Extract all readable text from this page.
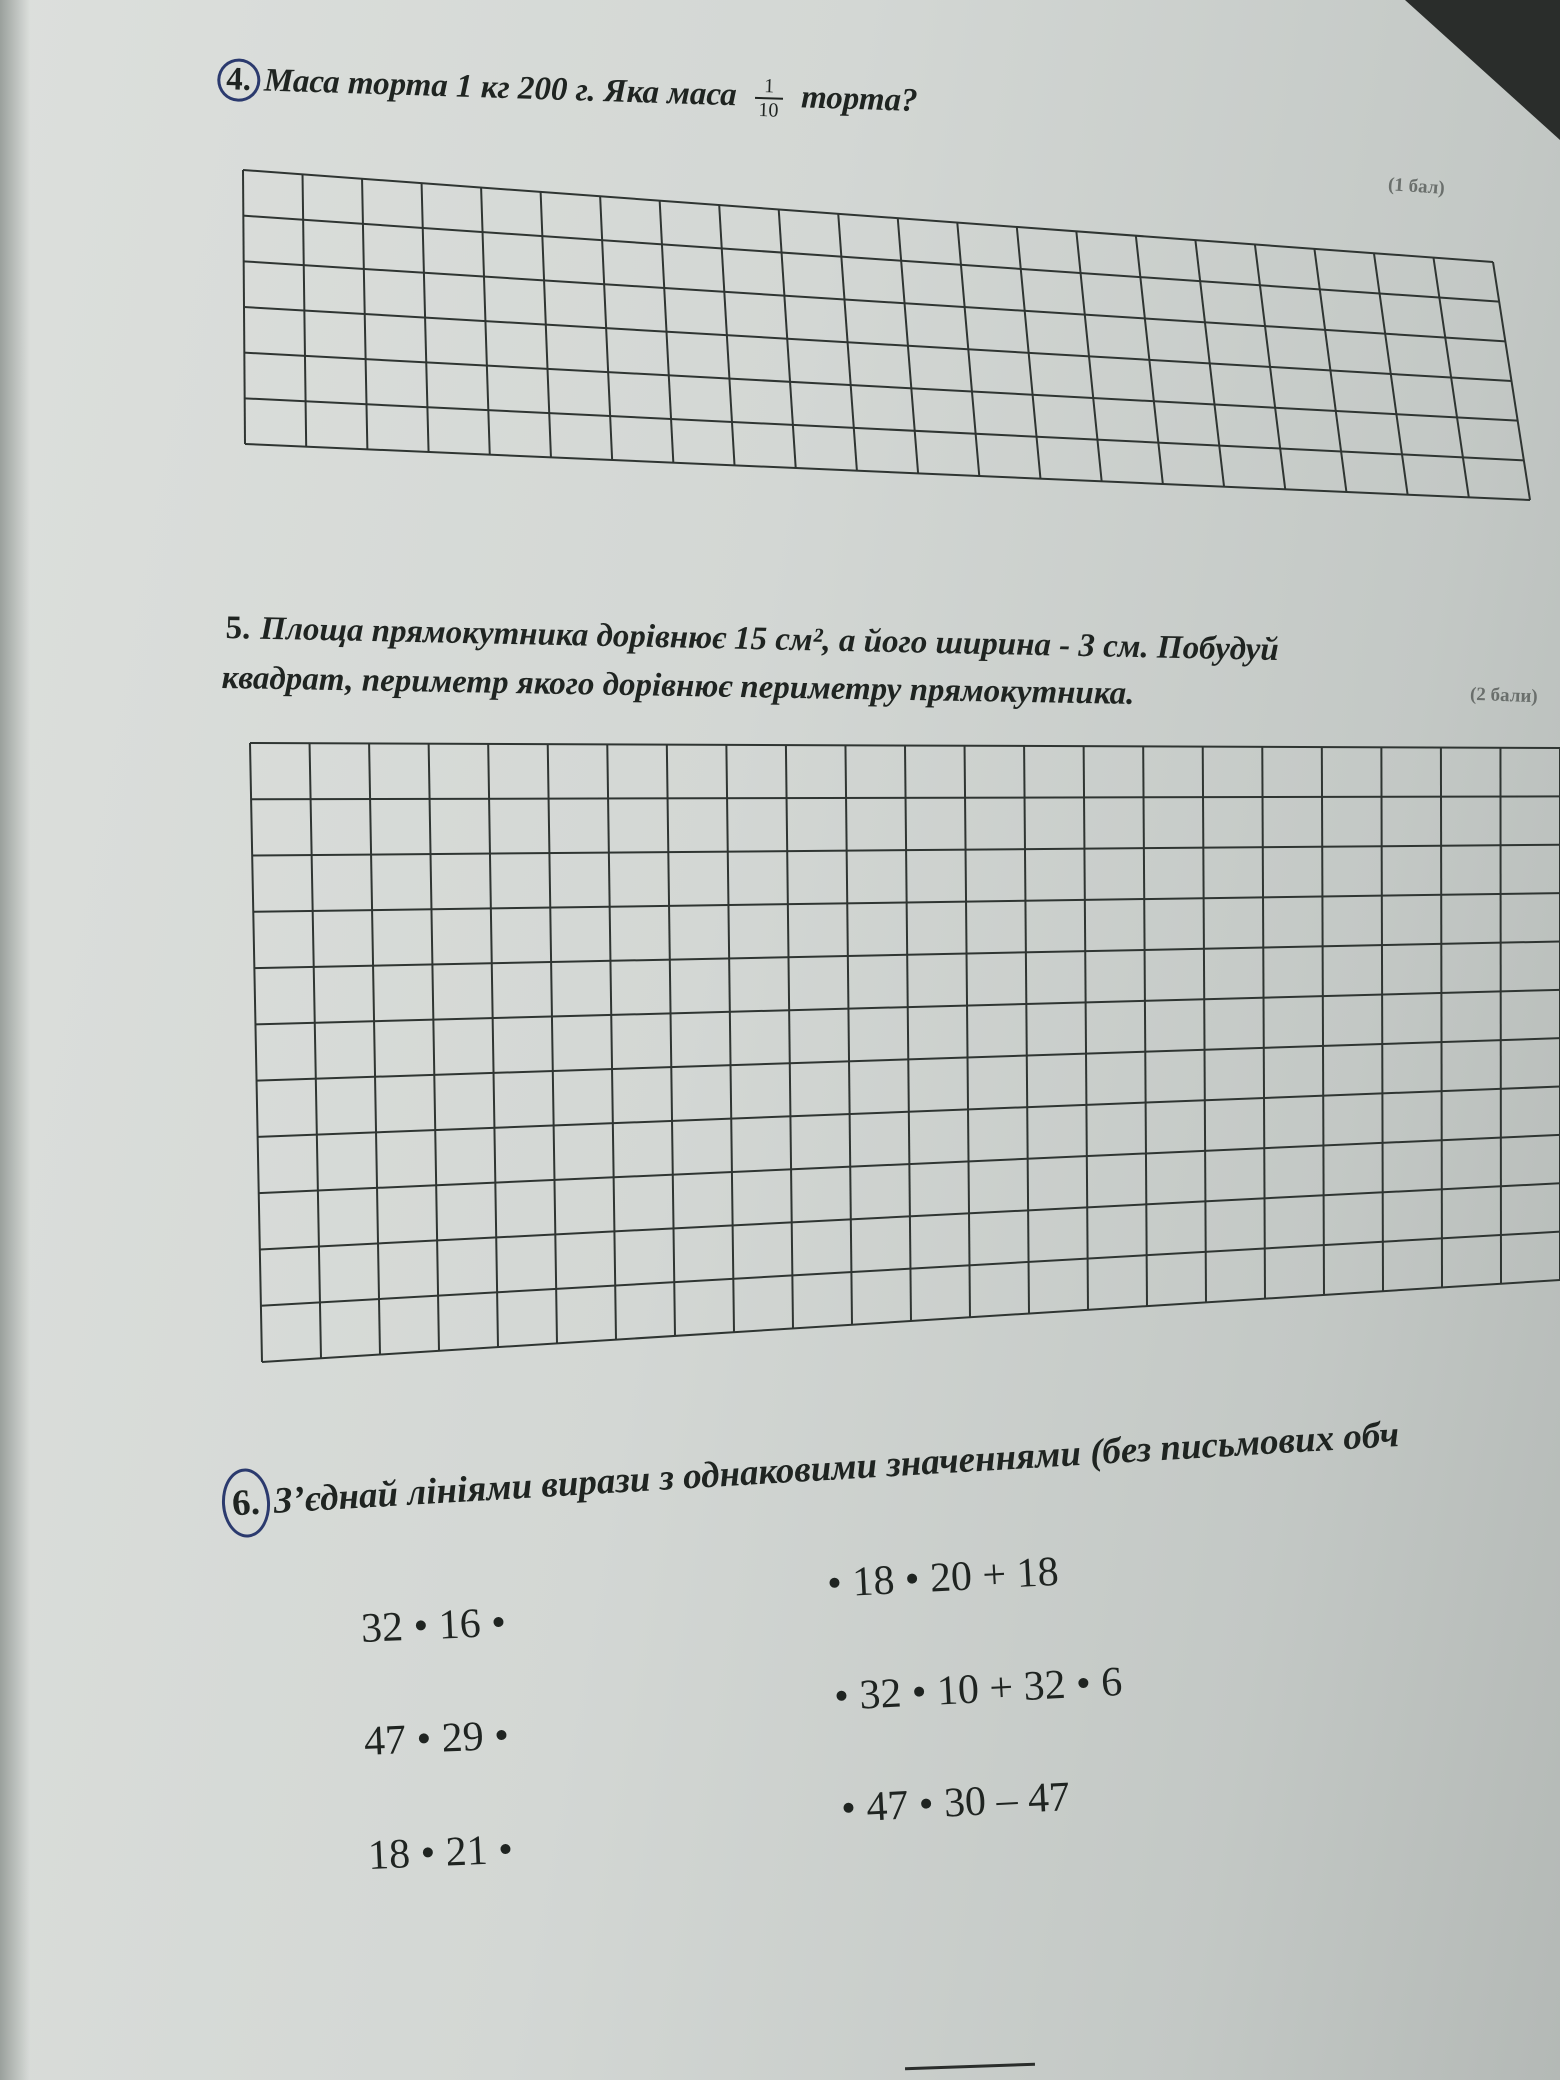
4. Маса торта 1 кг 200 г. Яка маса $\frac{1}{10}$ торта?
(1 бал)
5. Площа прямокутника дорівнює 15 см², а його ширина - 3 см. Побудуй
квадрат, периметр якого дорівнює периметру прямокутника.	(2 бали)
6. З’єднай лініями вирази з однаковими значеннями (без письмових обч
32 • 16 •
47 • 29 •
18 • 21 •
• 18 • 20 + 18
• 32 • 10 + 32 • 6
• 47 • 30 – 47
